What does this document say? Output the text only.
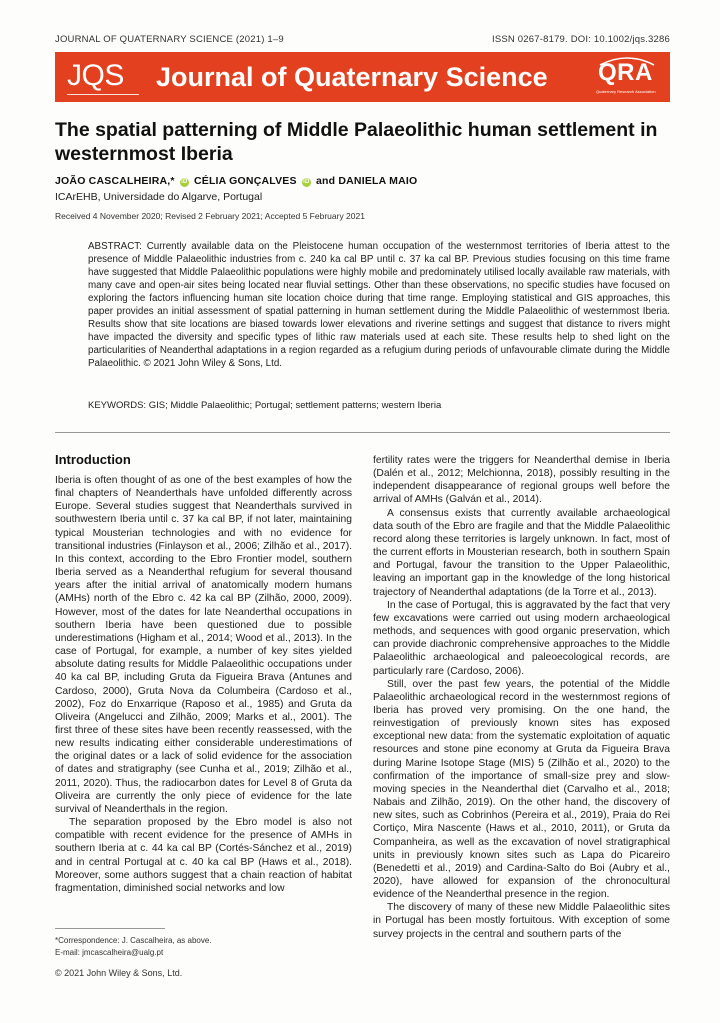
JOURNAL OF QUATERNARY SCIENCE (2021) 1–9	ISSN 0267-8179. DOI: 10.1002/jqs.3286
JQS Journal of Quaternary Science QRA
Quaternary Research Association
The spatial patterning of Middle Palaeolithic human settlement in westernmost Iberia
JOÃO CASCALHEIRA,* iD CÉLIA GONÇALVES iD and DANIELA MAIO
ICArEHB, Universidade do Algarve, Portugal
Received 4 November 2020; Revised 2 February 2021; Accepted 5 February 2021

ABSTRACT: Currently available data on the Pleistocene human occupation of the westernmost territories of Iberia attest to the presence of Middle Palaeolithic industries from c. 240 ka cal BP until c. 37 ka cal BP. Previous studies focusing on this time frame have suggested that Middle Palaeolithic populations were highly mobile and predominately utilised locally available raw materials, with many cave and open-air sites being located near fluvial settings. Other than these observations, no specific studies have focused on exploring the factors influencing human site location choice during that time range. Employing statistical and GIS approaches, this paper provides an initial assessment of spatial patterning in human settlement during the Middle Palaeolithic of westernmost Iberia. Results show that site locations are biased towards lower elevations and riverine settings and suggest that distance to rivers might have impacted the diversity and specific types of lithic raw materials used at each site. These results help to shed light on the particularities of Neanderthal adaptations in a region regarded as a refugium during periods of unfavourable climate during the Middle Palaeolithic. © 2021 John Wiley & Sons, Ltd.

KEYWORDS: GIS; Middle Palaeolithic; Portugal; settlement patterns; western Iberia
Introduction

Iberia is often thought of as one of the best examples of how the final chapters of Neanderthals have unfolded differently across Europe. Several studies suggest that Neanderthals survived in southwestern Iberia until c. 37 ka cal BP, if not later, maintaining typical Mousterian technologies and with no evidence for transitional industries (Finlayson et al., 2006; Zilhão et al., 2017). In this context, according to the Ebro Frontier model, southern Iberia served as a Neanderthal refugium for several thousand years after the initial arrival of anatomically modern humans (AMHs) north of the Ebro c. 42 ka cal BP (Zilhão, 2000, 2009). However, most of the dates for late Neanderthal occupations in southern Iberia have been questioned due to possible underestimations (Higham et al., 2014; Wood et al., 2013). In the case of Portugal, for example, a number of key sites yielded absolute dating results for Middle Palaeolithic occupations under 40 ka cal BP, including Gruta da Figueira Brava (Antunes and Cardoso, 2000), Gruta Nova da Columbeira (Cardoso et al., 2002), Foz do Enxarrique (Raposo et al., 1985) and Gruta da Oliveira (Angelucci and Zilhão, 2009; Marks et al., 2001). The first three of these sites have been recently reassessed, with the new results indicating either considerable underestimations of the original dates or a lack of solid evidence for the association of dates and stratigraphy (see Cunha et al., 2019; Zilhão et al., 2011, 2020). Thus, the radiocarbon dates for Level 8 of Gruta da Oliveira are currently the only piece of evidence for the late survival of Neanderthals in the region.

The separation proposed by the Ebro model is also not compatible with recent evidence for the presence of AMHs in southern Iberia at c. 44 ka cal BP (Cortés-Sánchez et al., 2019) and in central Portugal at c. 40 ka cal BP (Haws et al., 2018). Moreover, some authors suggest that a chain reaction of habitat fragmentation, diminished social networks and low

fertility rates were the triggers for Neanderthal demise in Iberia (Dalén et al., 2012; Melchionna, 2018), possibly resulting in the independent disappearance of regional groups well before the arrival of AMHs (Galván et al., 2014).

A consensus exists that currently available archaeological data south of the Ebro are fragile and that the Middle Palaeolithic record along these territories is largely unknown. In fact, most of the current efforts in Mousterian research, both in southern Spain and Portugal, favour the transition to the Upper Palaeolithic, leaving an important gap in the knowledge of the long historical trajectory of Neanderthal adaptations (de la Torre et al., 2013).

In the case of Portugal, this is aggravated by the fact that very few excavations were carried out using modern archaeological methods, and sequences with good organic preservation, which can provide diachronic comprehensive approaches to the Middle Palaeolithic archaeological and paleoecological records, are particularly rare (Cardoso, 2006).

Still, over the past few years, the potential of the Middle Palaeolithic archaeological record in the westernmost regions of Iberia has proved very promising. On the one hand, the reinvestigation of previously known sites has exposed exceptional new data: from the systematic exploitation of aquatic resources and stone pine economy at Gruta da Figueira Brava during Marine Isotope Stage (MIS) 5 (Zilhão et al., 2020) to the confirmation of the importance of small-size prey and slow-moving species in the Neanderthal diet (Carvalho et al., 2018; Nabais and Zilhão, 2019). On the other hand, the discovery of new sites, such as Cobrinhos (Pereira et al., 2019), Praia do Rei Cortiço, Mira Nascente (Haws et al., 2010, 2011), or Gruta da Companheira, as well as the excavation of novel stratigraphical units in previously known sites such as Lapa do Picareiro (Benedetti et al., 2019) and Cardina-Salto do Boi (Aubry et al., 2020), have allowed for expansion of the chronocultural evidence of the Neanderthal presence in the region.

The discovery of many of these new Middle Palaeolithic sites in Portugal has been mostly fortuitous. With exception of some survey projects in the central and southern parts of the

*Correspondence: J. Cascalheira, as above.
E-mail: jmcascalheira@ualg.pt
© 2021 John Wiley & Sons, Ltd.
